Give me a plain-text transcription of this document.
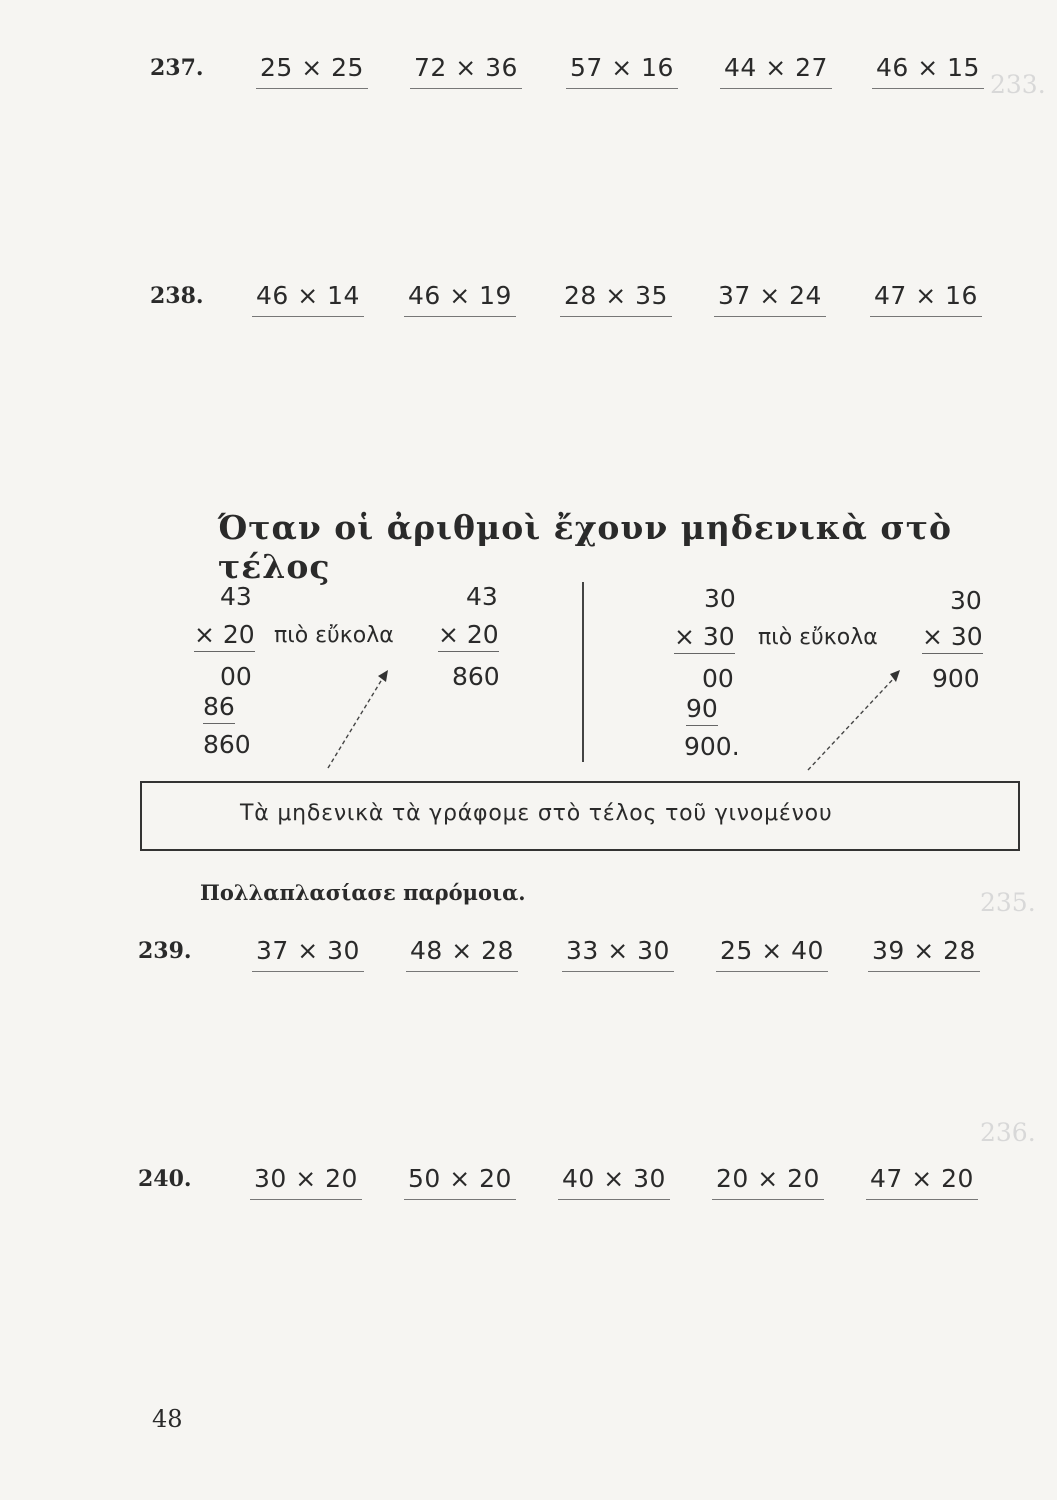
233.
236.
235.
237. 25 × 25 72 × 36 57 × 16 44 × 27 46 × 15
238. 46 × 14 46 × 19 28 × 35 37 × 24 47 × 16
Όταν οἱ ἀριθμοὶ ἔχουν μηδενικὰ στὸ τέλος
43
× 20
00
86
860
πιὸ εὔκολα
43
× 20
860
30
× 30
00
90
900.
πιὸ εὔκολα
30
× 30
900
Τὰ μηδενικὰ τὰ γράφομε στὸ τέλος τοῦ γινομένου
Πολλαπλασίασε παρόμοια.
239.	37 × 30 48 × 28 33 × 30 25 × 40 39 × 28
240. 30 × 20 50 × 20 40 × 30 20 × 20 47 × 20
48
